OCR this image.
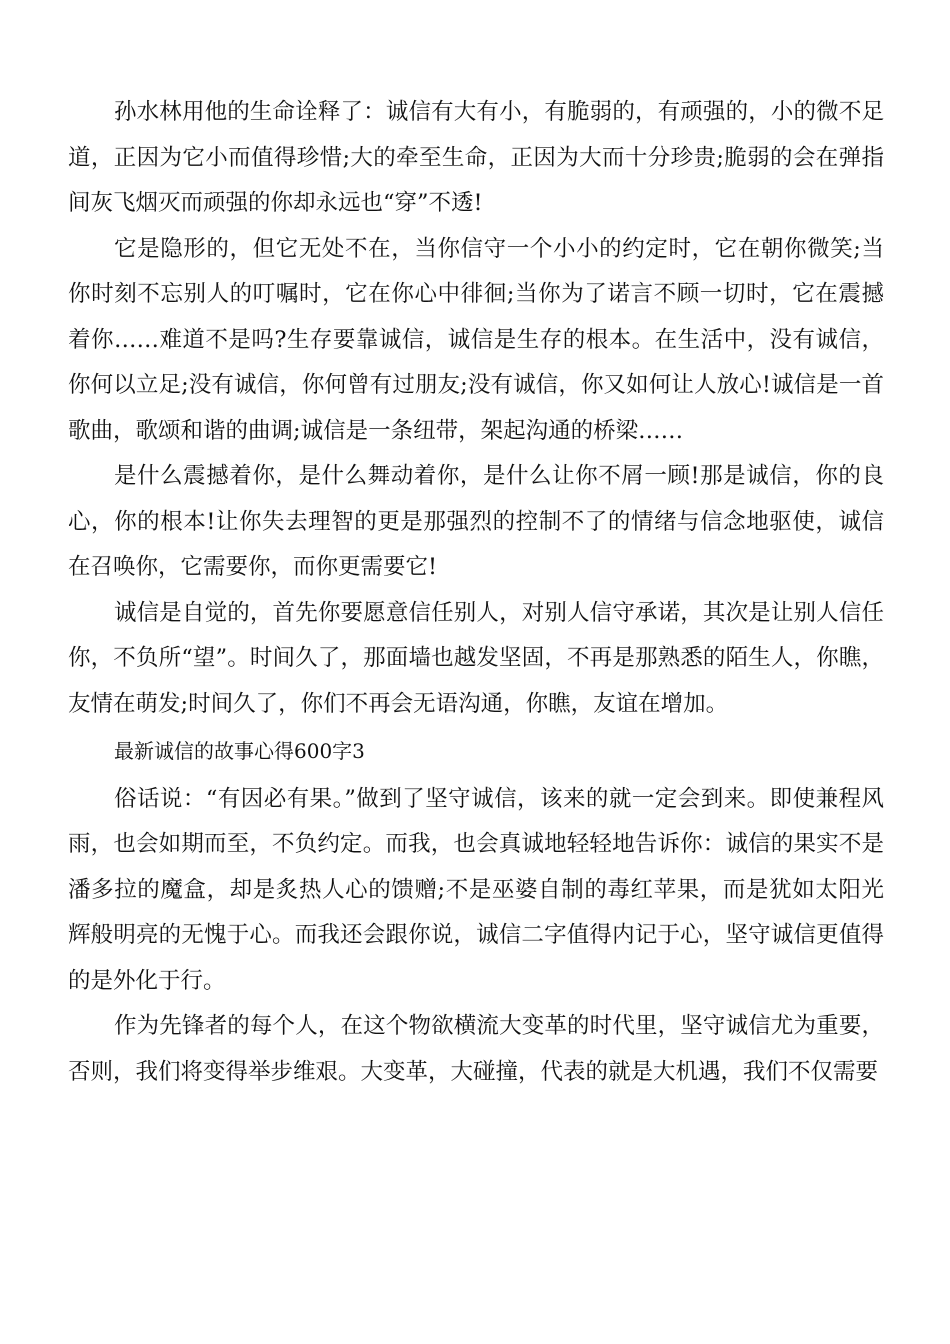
孙水林用他的生命诠释了：诚信有大有小，有脆弱的，有顽强的，小的微不足道，正因为它小而值得珍惜;大的牵至生命，正因为大而十分珍贵;脆弱的会在弹指间灰飞烟灭而顽强的你却永远也“穿”不透!

它是隐形的，但它无处不在，当你信守一个小小的约定时，它在朝你微笑;当你时刻不忘别人的叮嘱时，它在你心中徘徊;当你为了诺言不顾一切时，它在震撼着你……难道不是吗?生存要靠诚信，诚信是生存的根本。在生活中，没有诚信，你何以立足;没有诚信，你何曾有过朋友;没有诚信，你又如何让人放心!诚信是一首歌曲，歌颂和谐的曲调;诚信是一条纽带，架起沟通的桥梁……

是什么震撼着你，是什么舞动着你，是什么让你不屑一顾!那是诚信，你的良心，你的根本!让你失去理智的更是那强烈的控制不了的情绪与信念地驱使，诚信在召唤你，它需要你，而你更需要它!

诚信是自觉的，首先你要愿意信任别人，对别人信守承诺，其次是让别人信任你，不负所“望”。时间久了，那面墙也越发坚固，不再是那熟悉的陌生人，你瞧，友情在萌发;时间久了，你们不再会无语沟通，你瞧，友谊在增加。

最新诚信的故事心得600字3

俗话说：“有因必有果。”做到了坚守诚信，该来的就一定会到来。即使兼程风雨，也会如期而至，不负约定。而我，也会真诚地轻轻地告诉你：诚信的果实不是潘多拉的魔盒，却是炙热人心的馈赠;不是巫婆自制的毒红苹果，而是犹如太阳光辉般明亮的无愧于心。而我还会跟你说，诚信二字值得内记于心，坚守诚信更值得的是外化于行。

作为先锋者的每个人，在这个物欲横流大变革的时代里，坚守诚信尤为重要，否则，我们将变得举步维艰。大变革，大碰撞，代表的就是大机遇，我们不仅需要
